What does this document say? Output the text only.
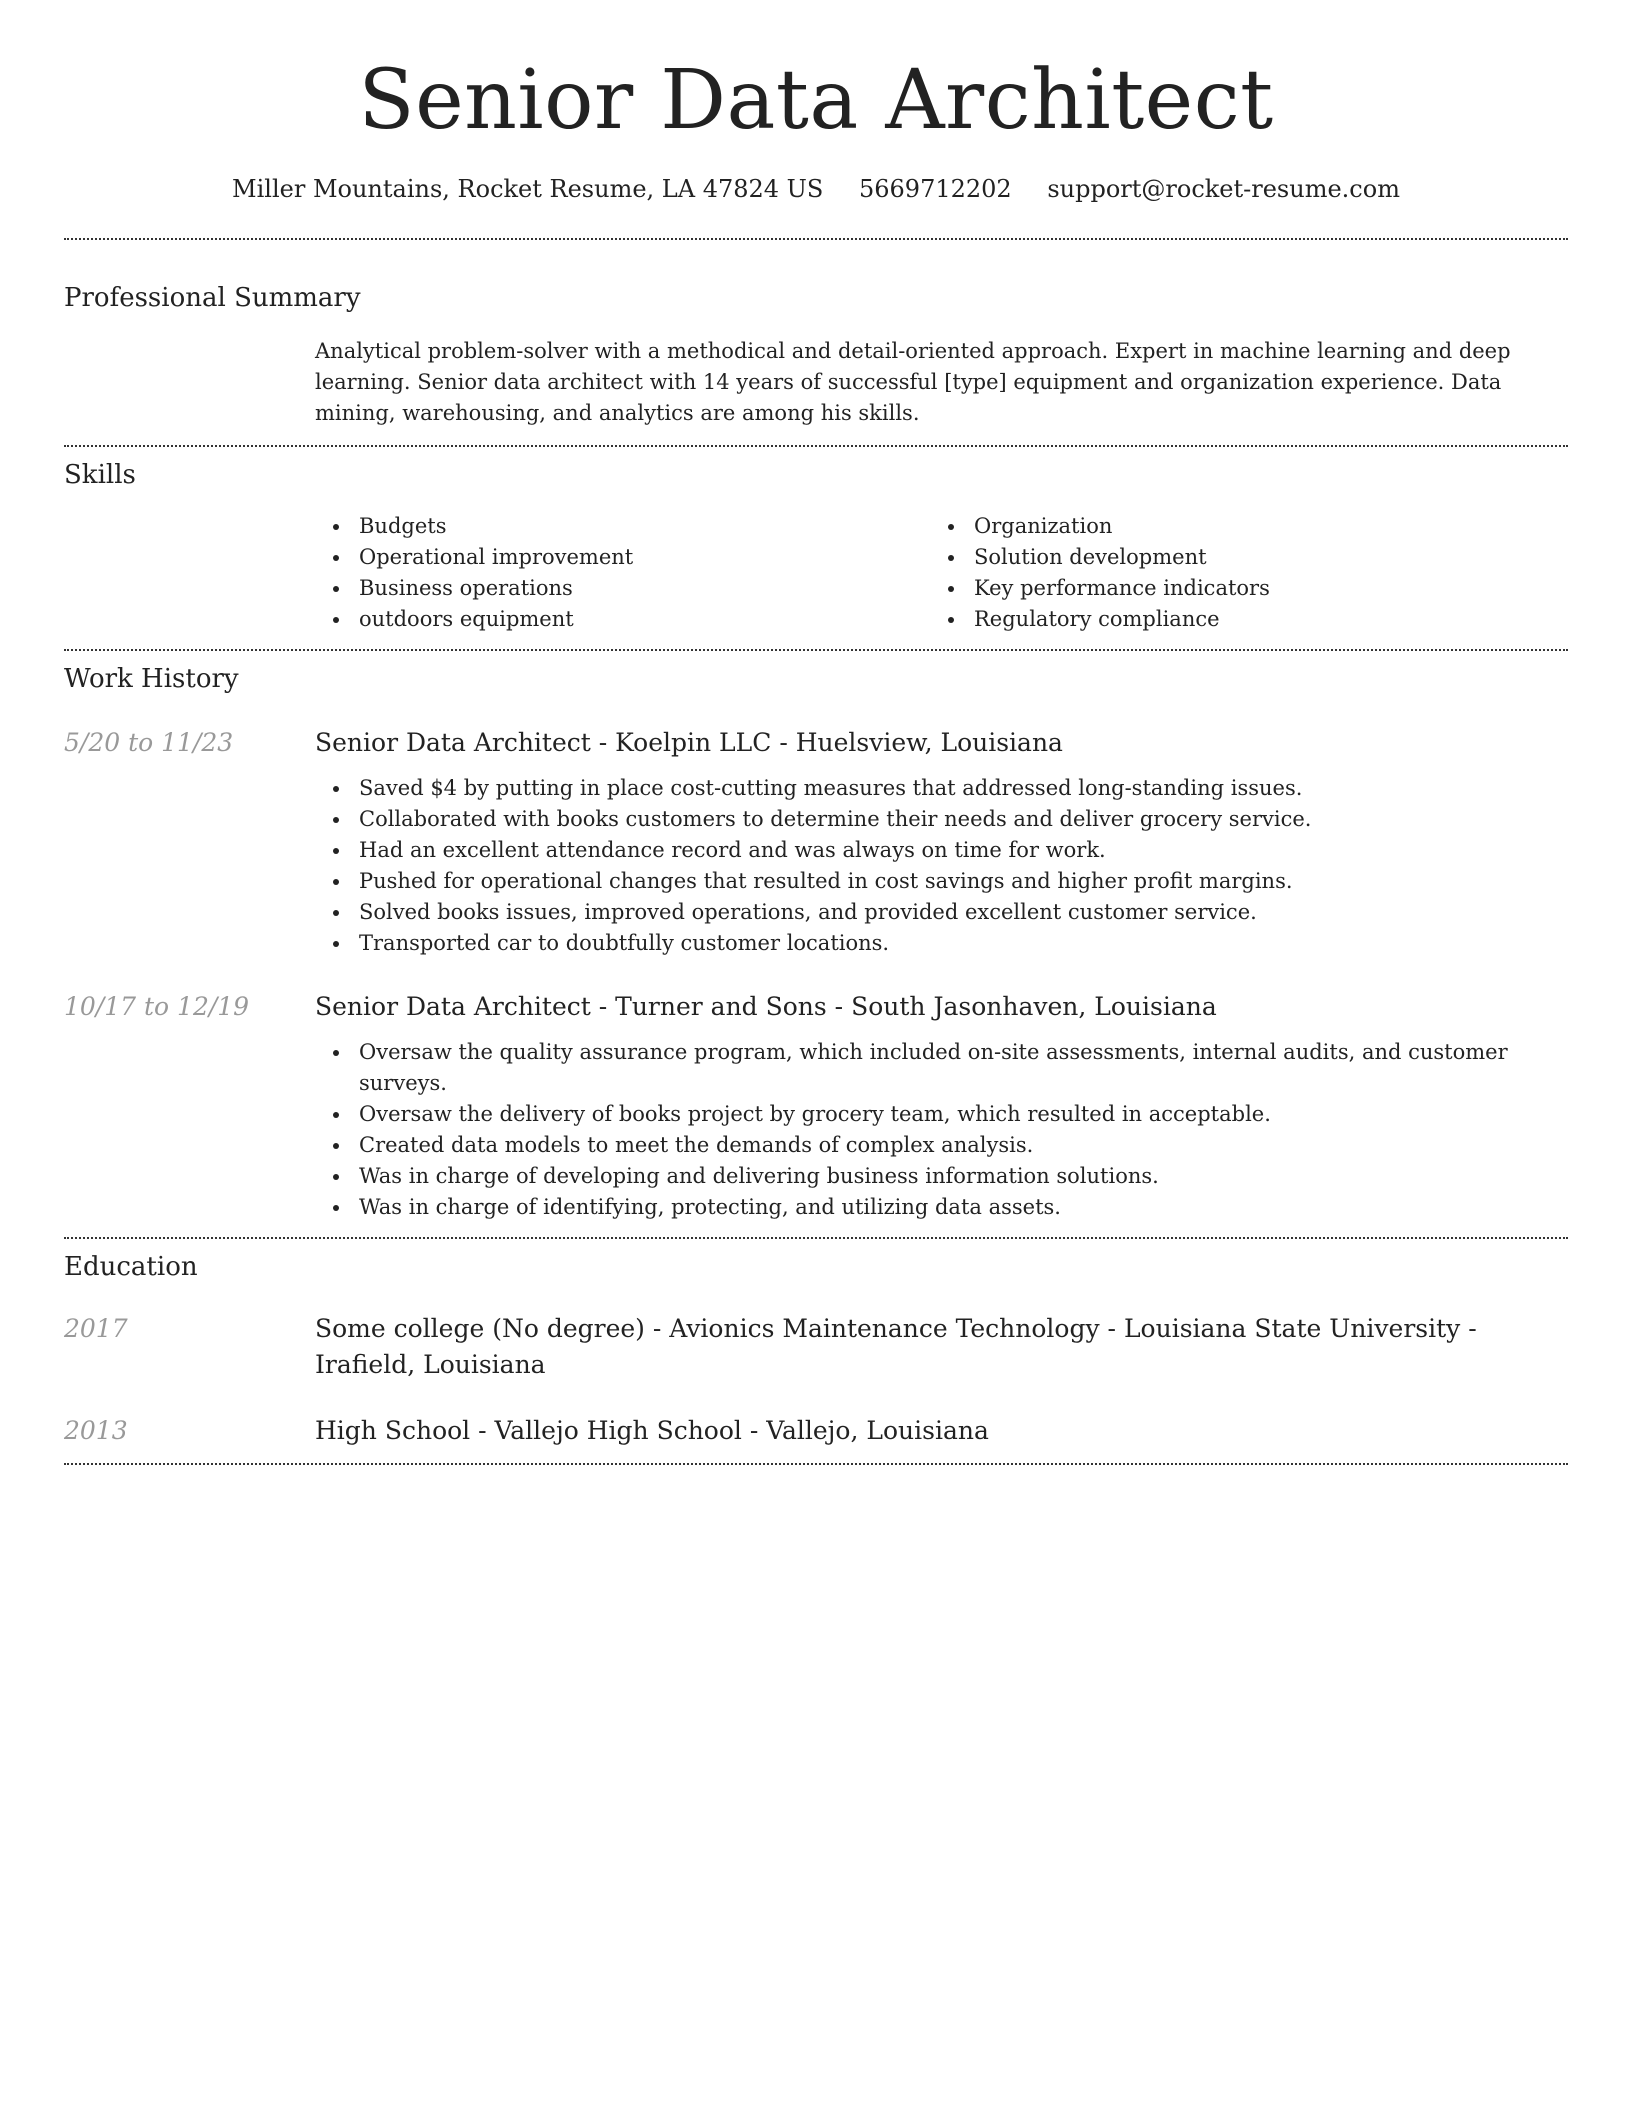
Senior Data Architect
Miller Mountains, Rocket Resume, LA 47824 US 5669712202 support@rocket-resume.com
Professional Summary

Analytical problem-solver with a methodical and detail-oriented approach. Expert in machine learning and deep learning. Senior data architect with 14 years of successful [type] equipment and organization experience. Data mining, warehousing, and analytics are among his skills.

Skills
Budgets
Operational improvement
Business operations
outdoors equipment
Organization
Solution development
Key performance indicators
Regulatory compliance
Work History
5/20 to 11/23	Senior Data Architect - Koelpin LLC - Huelsview, Louisiana
Saved $4 by putting in place cost-cutting measures that addressed long-standing issues.
Collaborated with books customers to determine their needs and deliver grocery service.
Had an excellent attendance record and was always on time for work.
Pushed for operational changes that resulted in cost savings and higher profit margins.
Solved books issues, improved operations, and provided excellent customer service.
Transported car to doubtfully customer locations.
10/17 to 12/19	Senior Data Architect - Turner and Sons - South Jasonhaven, Louisiana
Oversaw the quality assurance program, which included on-site assessments, internal audits, and customer surveys.
Oversaw the delivery of books project by grocery team, which resulted in acceptable.
Created data models to meet the demands of complex analysis.
Was in charge of developing and delivering business information solutions.
Was in charge of identifying, protecting, and utilizing data assets.
Education
2017	Some college (No degree) - Avionics Maintenance Technology - Louisiana State University - Irafield, Louisiana
2013	High School - Vallejo High School - Vallejo, Louisiana
